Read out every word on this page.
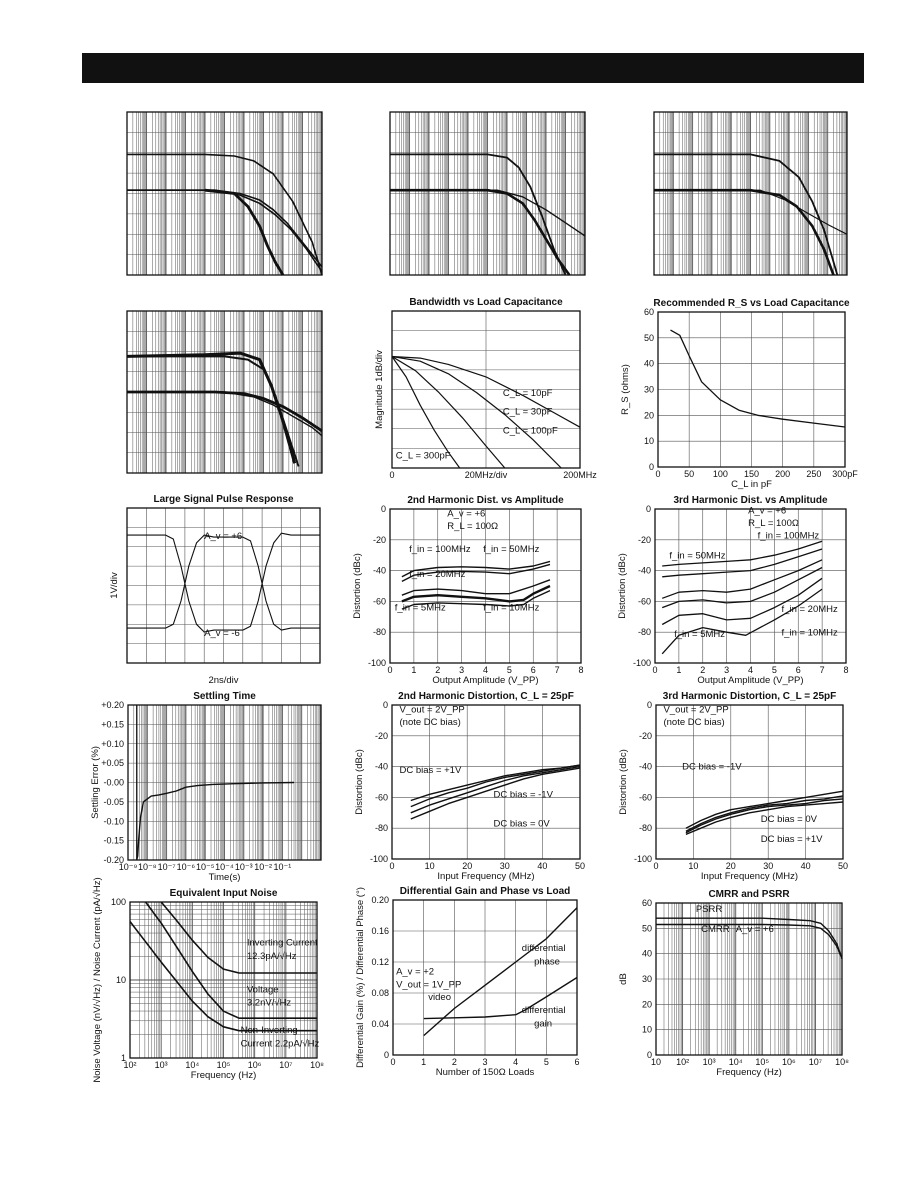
Bandwidth vs Load Capacitance
0	20MHz/div	200MHz
Magnitude 1dB/div	C_L = 10pF
C_L = 30pF
C_L = 100pF
C_L = 300pF
Recommended R_S vs Load Capacitance
0	50 100 150 200 250 300pF
0
10
20
30
40
50
60
C_L in pF
R_S (ohms)
Large Signal Pulse Response
2ns/div
1V/div
A_v = +6
A_v = -6
2nd Harmonic Dist. vs Amplitude
0 1 2 3 4 5 6 7 8
0
-20
-40
-60
-80
-100
Output Amplitude (V_PP)
Distortion (dBc)
A_v = +6
R_L = 100Ω
f_in = 100MHz f_in = 50MHz
f_in = 20MHz
f_in = 5MHz	f_in = 10MHz
3rd Harmonic Dist. vs Amplitude
0 1 2 3 4 5 6 7 8
0
-20
-40
-60
-80
-100
Output Amplitude (V_PP)
Distortion (dBc)
A_v = +6
R_L = 100Ω
f_in = 100MHz
f_in = 50MHz
f_in = 20MHz
f_in = 5MHz	f_in = 10MHz
Settling Time
10⁻⁹ 10⁻⁸ 10⁻⁷ 10⁻⁶ 10⁻⁵ 10⁻⁴ 10⁻³ 10⁻² 10⁻¹
+0.20
+0.15
+0.10
+0.05
-0.00
-0.05
-0.10
-0.15
-0.20
Time(s)
Settling Error (%)
2nd Harmonic Distortion, C_L = 25pF
0	10	20	30	40	50
0
-20
-40
-60
-80
-100
Input Frequency (MHz)
Distortion (dBc)
V_out = 2V_PP
(note DC bias)
DC bias = +1V
DC bias = -1V
DC bias = 0V
3rd Harmonic Distortion, C_L = 25pF
0	10	20	30	40	50
0
-20
-40
-60
-80
-100
Input Frequency (MHz)
Distortion (dBc)
V_out = 2V_PP
(note DC bias)
DC bias = -1V
DC bias = 0V
DC bias = +1V
Equivalent Input Noise
10² 10³ 10⁴ 10⁵ 10⁶ 10⁷ 10⁸
1
10
100
Frequency (Hz)
Noise Voltage (nV/√Hz) / Noise Current (pA/√Hz)	Inverting Current
12.3pA/√Hz
Voltage
3.2nV/√Hz
Non-Inverting
Current 2.2pA/√Hz
Differential Gain and Phase vs Load
0	1	2	3	4	5	6
0
0.04
0.08
0.12
0.16
0.20
Number of 150Ω Loads
Differential Gain (%) / Differential Phase (°)	A_v = +2
V_out = 1V_PP
video
differential
phase
differential
gain
CMRR and PSRR
10 10² 10³ 10⁴ 10⁵ 10⁶ 10⁷ 10⁸
0
10
20
30
40
50
60
Frequency (Hz)
dB
PSRR
CMRR A_v = +6
